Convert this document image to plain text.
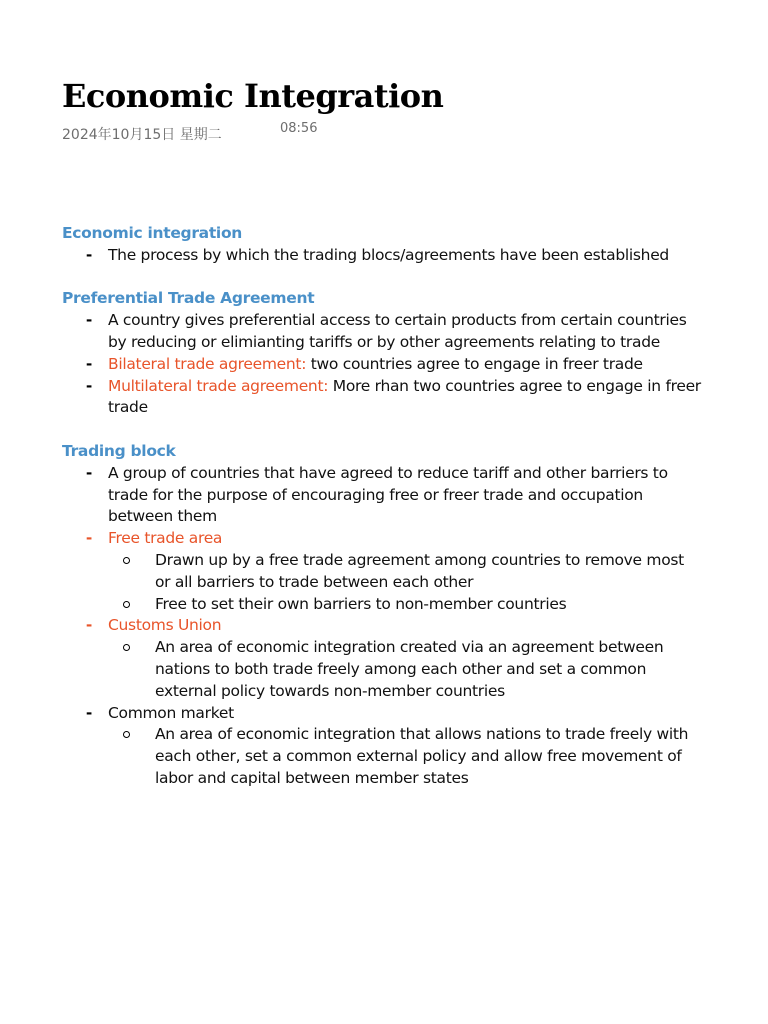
Economic Integration
2024年10月15日 星期二	08:56

Economic integration

- The process by which the trading blocs/agreements have been established

Preferential Trade Agreement

- A country gives preferential access to certain products from certain countries by reducing or elimianting tariffs or by other agreements relating to trade
- Bilateral trade agreement: two countries agree to engage in freer trade
- Multilateral trade agreement: More rhan two countries agree to engage in freer trade

Trading block

- A group of countries that have agreed to reduce tariff and other barriers to trade for the purpose of encouraging free or freer trade and occupation between them
- Free trade area
Drawn up by a free trade agreement among countries to remove most or all barriers to trade between each other
Free to set their own barriers to non-member countries
- Customs Union
An area of economic integration created via an agreement between nations to both trade freely among each other and set a common external policy towards non-member countries
- Common market
An area of economic integration that allows nations to trade freely with each other, set a common external policy and allow free movement of labor and capital between member states
